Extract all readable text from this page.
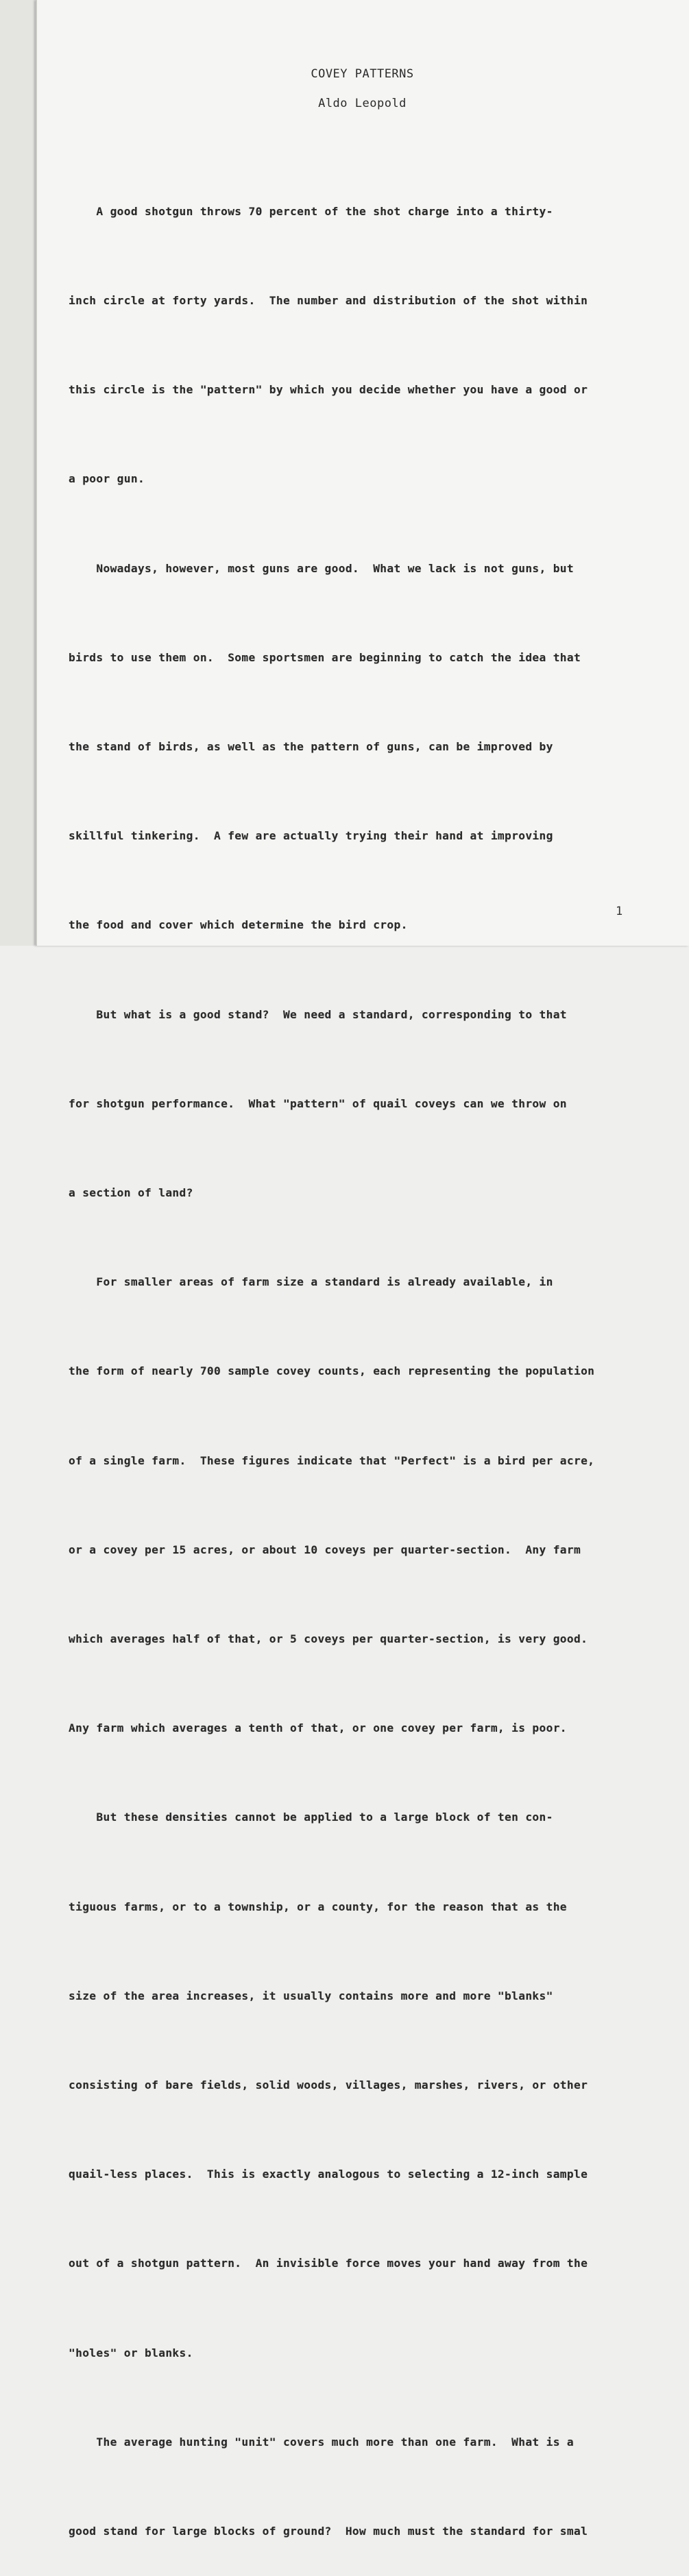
COVEY PATTERNS
Aldo Leopold

A good shotgun throws 70 percent of the shot charge into a thirty-

inch circle at forty yards.  The number and distribution of the shot within

this circle is the "pattern" by which you decide whether you have a good or

a poor gun.

Nowadays, however, most guns are good.  What we lack is not guns, but

birds to use them on.  Some sportsmen are beginning to catch the idea that

the stand of birds, as well as the pattern of guns, can be improved by

skillful tinkering.  A few are actually trying their hand at improving

the food and cover which determine the bird crop.

But what is a good stand?  We need a standard, corresponding to that

for shotgun performance.  What "pattern" of quail coveys can we throw on

a section of land?

For smaller areas of farm size a standard is already available, in

the form of nearly 700 sample covey counts, each representing the population

of a single farm.  These figures indicate that "Perfect" is a bird per acre,

or a covey per 15 acres, or about 10 coveys per quarter-section.  Any farm

which averages half of that, or 5 coveys per quarter-section, is very good.

Any farm which averages a tenth of that, or one covey per farm, is poor.

But these densities cannot be applied to a large block of ten con-

tiguous farms, or to a township, or a county, for the reason that as the

size of the area increases, it usually contains more and more "blanks"

consisting of bare fields, solid woods, villages, marshes, rivers, or other

quail-less places.  This is exactly analogous to selecting a 12-inch sample

out of a shotgun pattern.  An invisible force moves your hand away from the

"holes" or blanks.

The average hunting "unit" covers much more than one farm.  What is a

good stand for large blocks of ground?  How much must the standard for smal

1
